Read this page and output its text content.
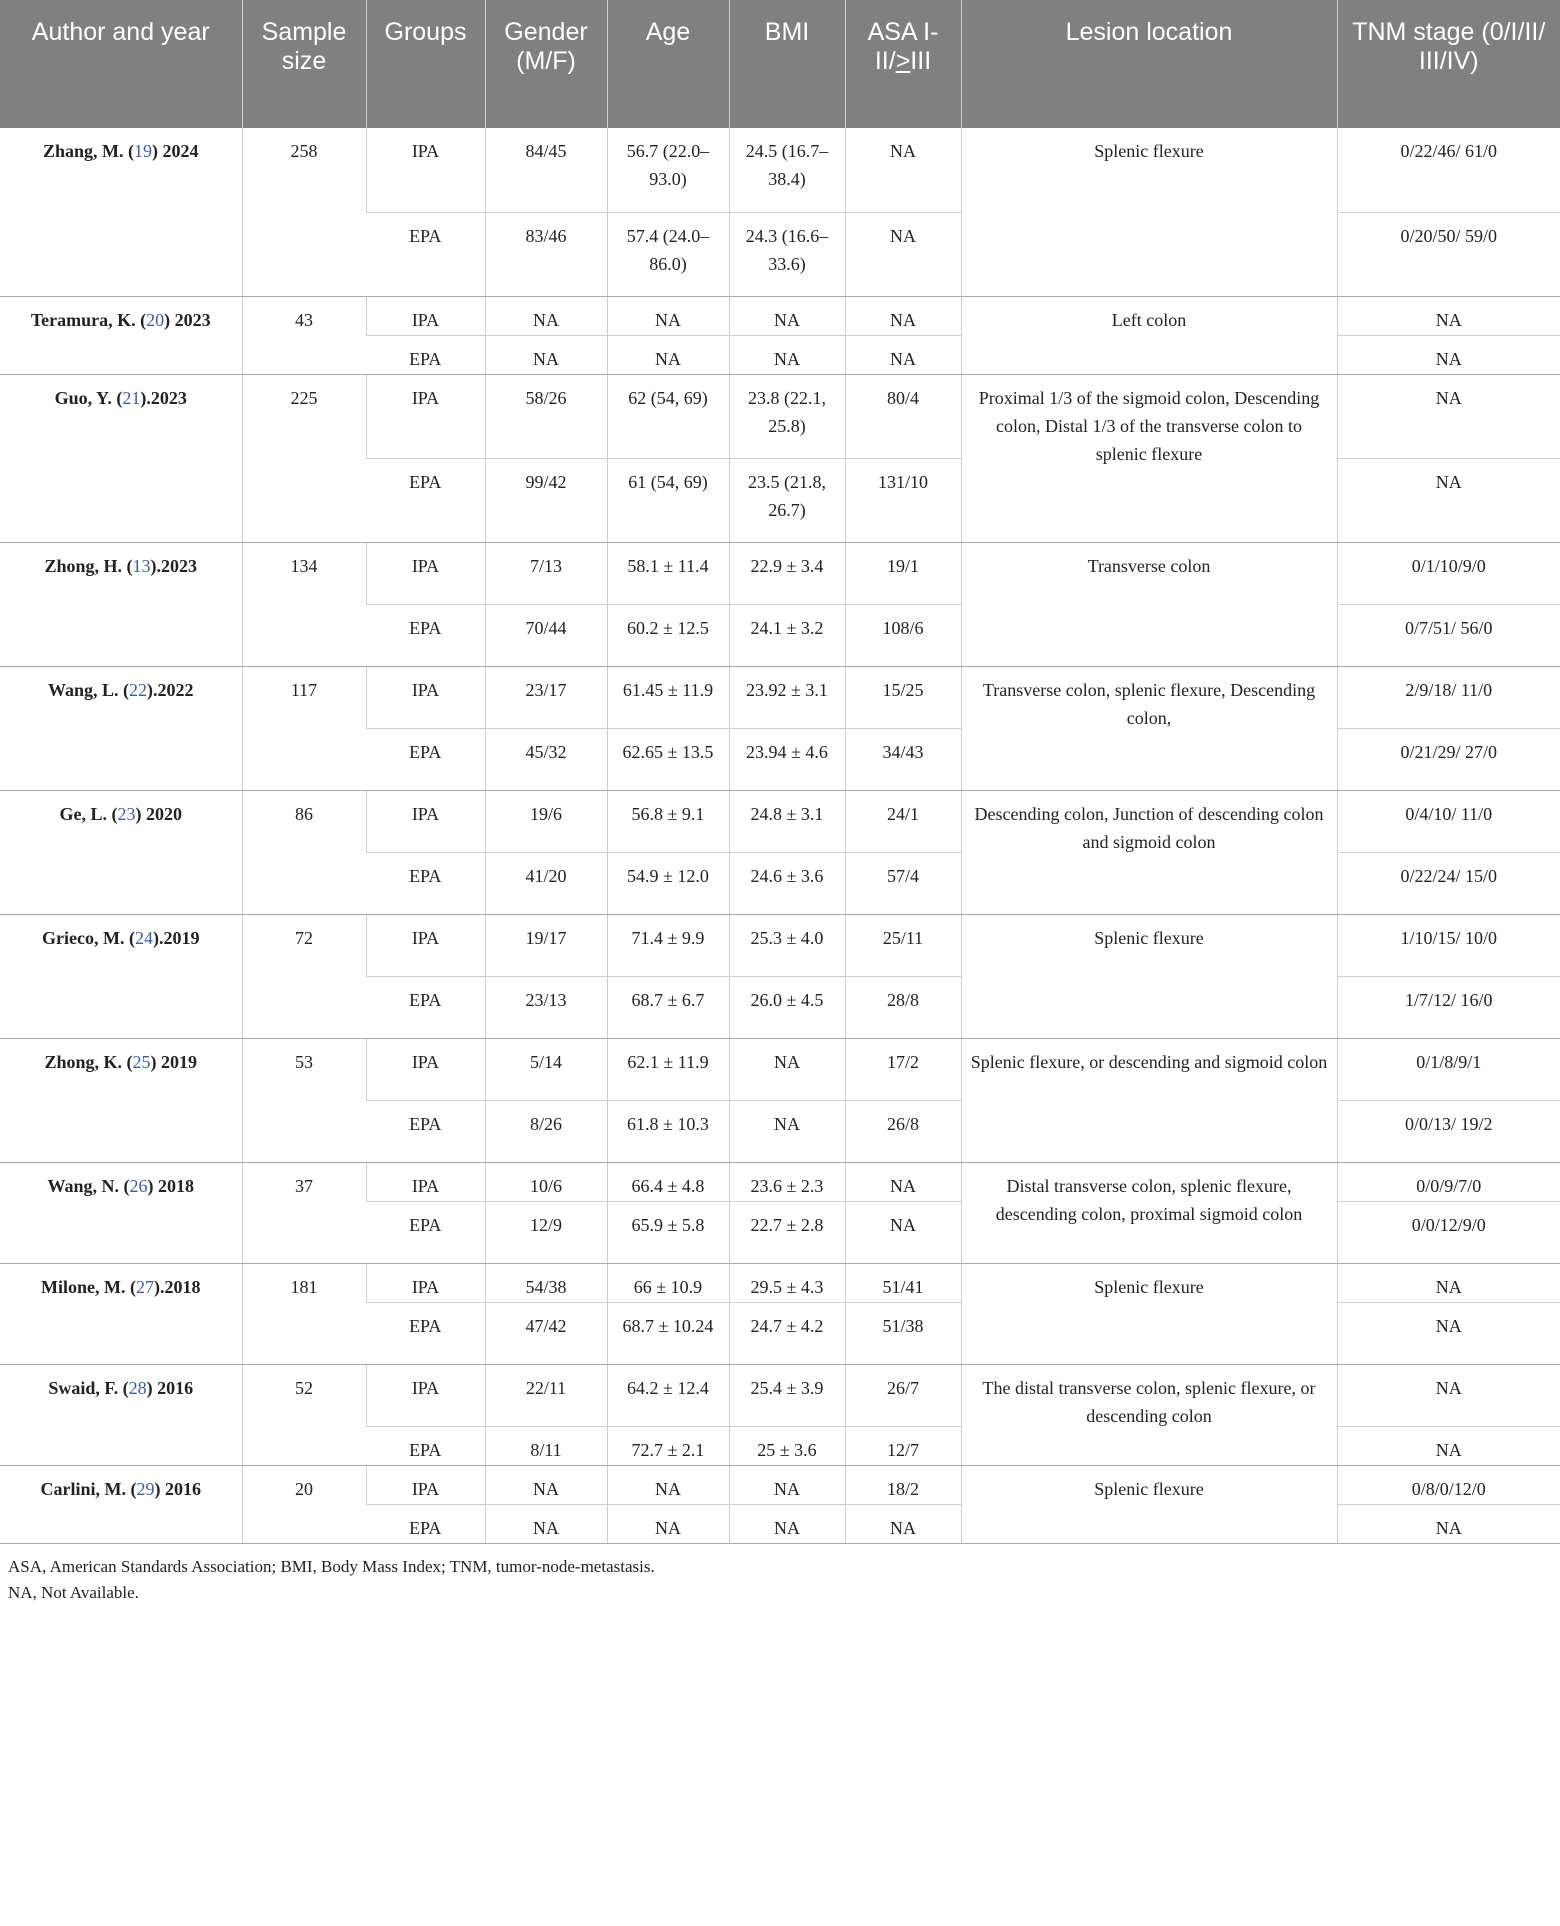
Author and year	Sample size	Groups	Gender (M/F)	Age	BMI	ASA I-II/>III	Lesion location	TNM stage (0/I/II/ III/IV)
Zhang, M. (19) 2024	258	IPA	84/45	56.7 (22.0–93.0)	24.5 (16.7–38.4)	NA	Splenic flexure	0/22/46/ 61/0
		EPA	83/46	57.4 (24.0–86.0)	24.3 (16.6–33.6)	NA		0/20/50/ 59/0
Teramura, K. (20) 2023	43	IPA	NA	NA	NA	NA	Left colon	NA
		EPA	NA	NA	NA	NA		NA
Guo, Y. (21).2023	225	IPA	58/26	62 (54, 69)	23.8 (22.1, 25.8)	80/4	Proximal 1/3 of the sigmoid colon, Descending colon, Distal 1/3 of the transverse colon to splenic flexure	NA
		EPA	99/42	61 (54, 69)	23.5 (21.8, 26.7)	131/10		NA
Zhong, H. (13).2023	134	IPA	7/13	58.1 ± 11.4	22.9 ± 3.4	19/1	Transverse colon	0/1/10/9/0
		EPA	70/44	60.2 ± 12.5	24.1 ± 3.2	108/6		0/7/51/ 56/0
Wang, L. (22).2022	117	IPA	23/17	61.45 ± 11.9	23.92 ± 3.1	15/25	Transverse colon, splenic flexure, Descending colon,	2/9/18/ 11/0
		EPA	45/32	62.65 ± 13.5	23.94 ± 4.6	34/43		0/21/29/ 27/0
Ge, L. (23) 2020	86	IPA	19/6	56.8 ± 9.1	24.8 ± 3.1	24/1	Descending colon, Junction of descending colon and sigmoid colon	0/4/10/ 11/0
		EPA	41/20	54.9 ± 12.0	24.6 ± 3.6	57/4		0/22/24/ 15/0
Grieco, M. (24).2019	72	IPA	19/17	71.4 ± 9.9	25.3 ± 4.0	25/11	Splenic flexure	1/10/15/ 10/0
		EPA	23/13	68.7 ± 6.7	26.0 ± 4.5	28/8		1/7/12/ 16/0
Zhong, K. (25) 2019	53	IPA	5/14	62.1 ± 11.9	NA	17/2	Splenic flexure, or descending and sigmoid colon	0/1/8/9/1
		EPA	8/26	61.8 ± 10.3	NA	26/8		0/0/13/ 19/2
Wang, N. (26) 2018	37	IPA	10/6	66.4 ± 4.8	23.6 ± 2.3	NA	Distal transverse colon, splenic flexure, descending colon, proximal sigmoid colon	0/0/9/7/0
		EPA	12/9	65.9 ± 5.8	22.7 ± 2.8	NA		0/0/12/9/0
Milone, M. (27).2018	181	IPA	54/38	66 ± 10.9	29.5 ± 4.3	51/41	Splenic flexure	NA
		EPA	47/42	68.7 ± 10.24	24.7 ± 4.2	51/38		NA
Swaid, F. (28) 2016	52	IPA	22/11	64.2 ± 12.4	25.4 ± 3.9	26/7	The distal transverse colon, splenic flexure, or descending colon	NA
		EPA	8/11	72.7 ± 2.1	25 ± 3.6	12/7		NA
Carlini, M. (29) 2016	20	IPA	NA	NA	NA	18/2	Splenic flexure	0/8/0/12/0
		EPA	NA	NA	NA	NA		NA
ASA, American Standards Association; BMI, Body Mass Index; TNM, tumor-node-metastasis.
NA, Not Available.
